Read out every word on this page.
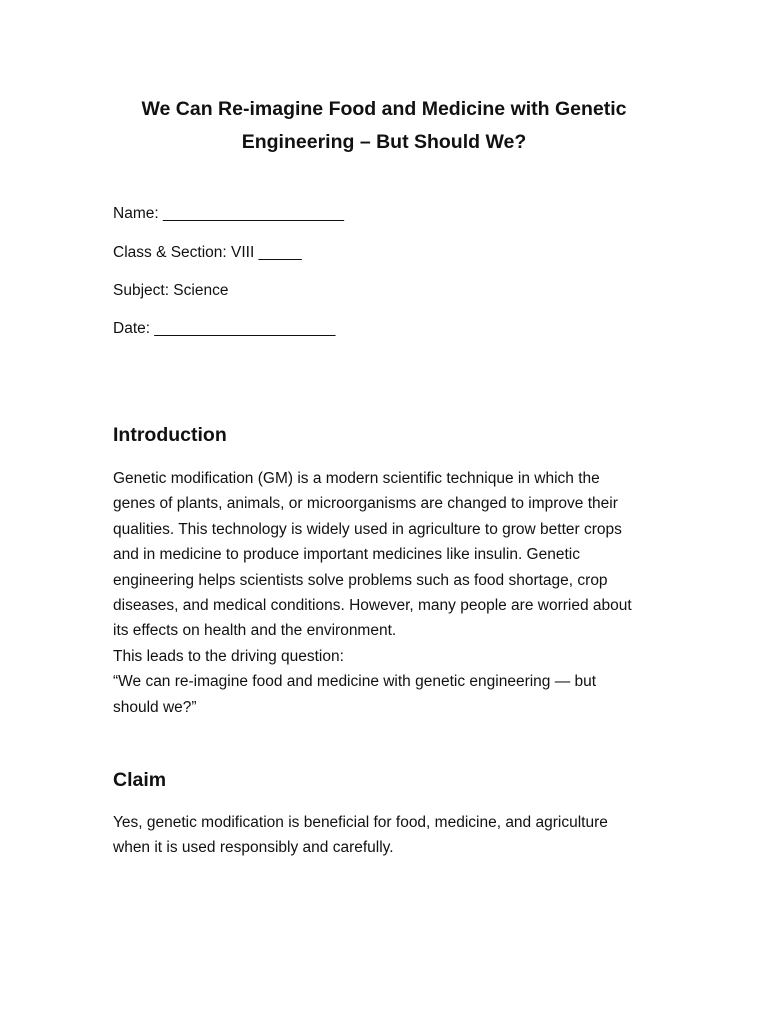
We Can Re-imagine Food and Medicine with Genetic
Engineering – But Should We?
Name: _____________________
Class & Section: VIII _____
Subject: Science
Date: _____________________
Introduction
Genetic modification (GM) is a modern scientific technique in which the
genes of plants, animals, or microorganisms are changed to improve their
qualities. This technology is widely used in agriculture to grow better crops
and in medicine to produce important medicines like insulin. Genetic
engineering helps scientists solve problems such as food shortage, crop
diseases, and medical conditions. However, many people are worried about
its effects on health and the environment.
This leads to the driving question:
“We can re-imagine food and medicine with genetic engineering — but
should we?”
Claim
Yes, genetic modification is beneficial for food, medicine, and agriculture
when it is used responsibly and carefully.
